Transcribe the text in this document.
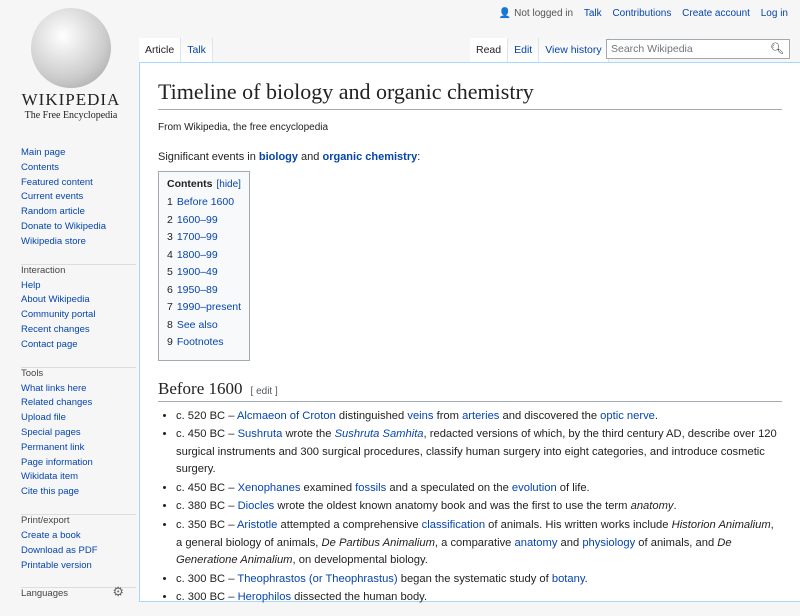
WIKIPEDIA
The Free Encyclopedia
Main page
Contents
Featured content
Current events
Random article
Donate to Wikipedia
Wikipedia store
Interaction
Help
About Wikipedia
Community portal
Recent changes
Contact page
Tools
What links here
Related changes
Upload file
Special pages
Permanent link
Page information
Wikidata item
Cite this page
Print/export
Create a book
Download as PDF
Printable version
Languages	⚙
👤 Not logged in Talk Contributions Create account Log in
Article	Talk	Read	Edit	View history Search Wikipedia	🔍︎
Timeline of biology and organic chemistry
From Wikipedia, the free encyclopedia

Significant events in biology and organic chemistry:

Contents [hide]
1 Before 1600
2 1600–99
3 1700–99
4 1800–99
5 1900–49
6 1950–89
7 1990–present
8 See also
9 Footnotes
Before 1600 [ edit ]
• c. 520 BC – Alcmaeon of Croton distinguished veins from arteries and discovered the optic nerve.
• c. 450 BC – Sushruta wrote the Sushruta Samhita, redacted versions of which, by the third century AD, describe over 120 surgical instruments and 300 surgical procedures, classify human surgery into eight categories, and introduce cosmetic surgery.
• c. 450 BC – Xenophanes examined fossils and a speculated on the evolution of life.
• c. 380 BC – Diocles wrote the oldest known anatomy book and was the first to use the term anatomy.
• c. 350 BC – Aristotle attempted a comprehensive classification of animals. His written works include Historion Animalium, a general biology of animals, De Partibus Animalium, a comparative anatomy and physiology of animals, and De Generatione Animalium, on developmental biology.
• c. 300 BC – Theophrastos (or Theophrastus) began the systematic study of botany.
• c. 300 BC – Herophilos dissected the human body.
